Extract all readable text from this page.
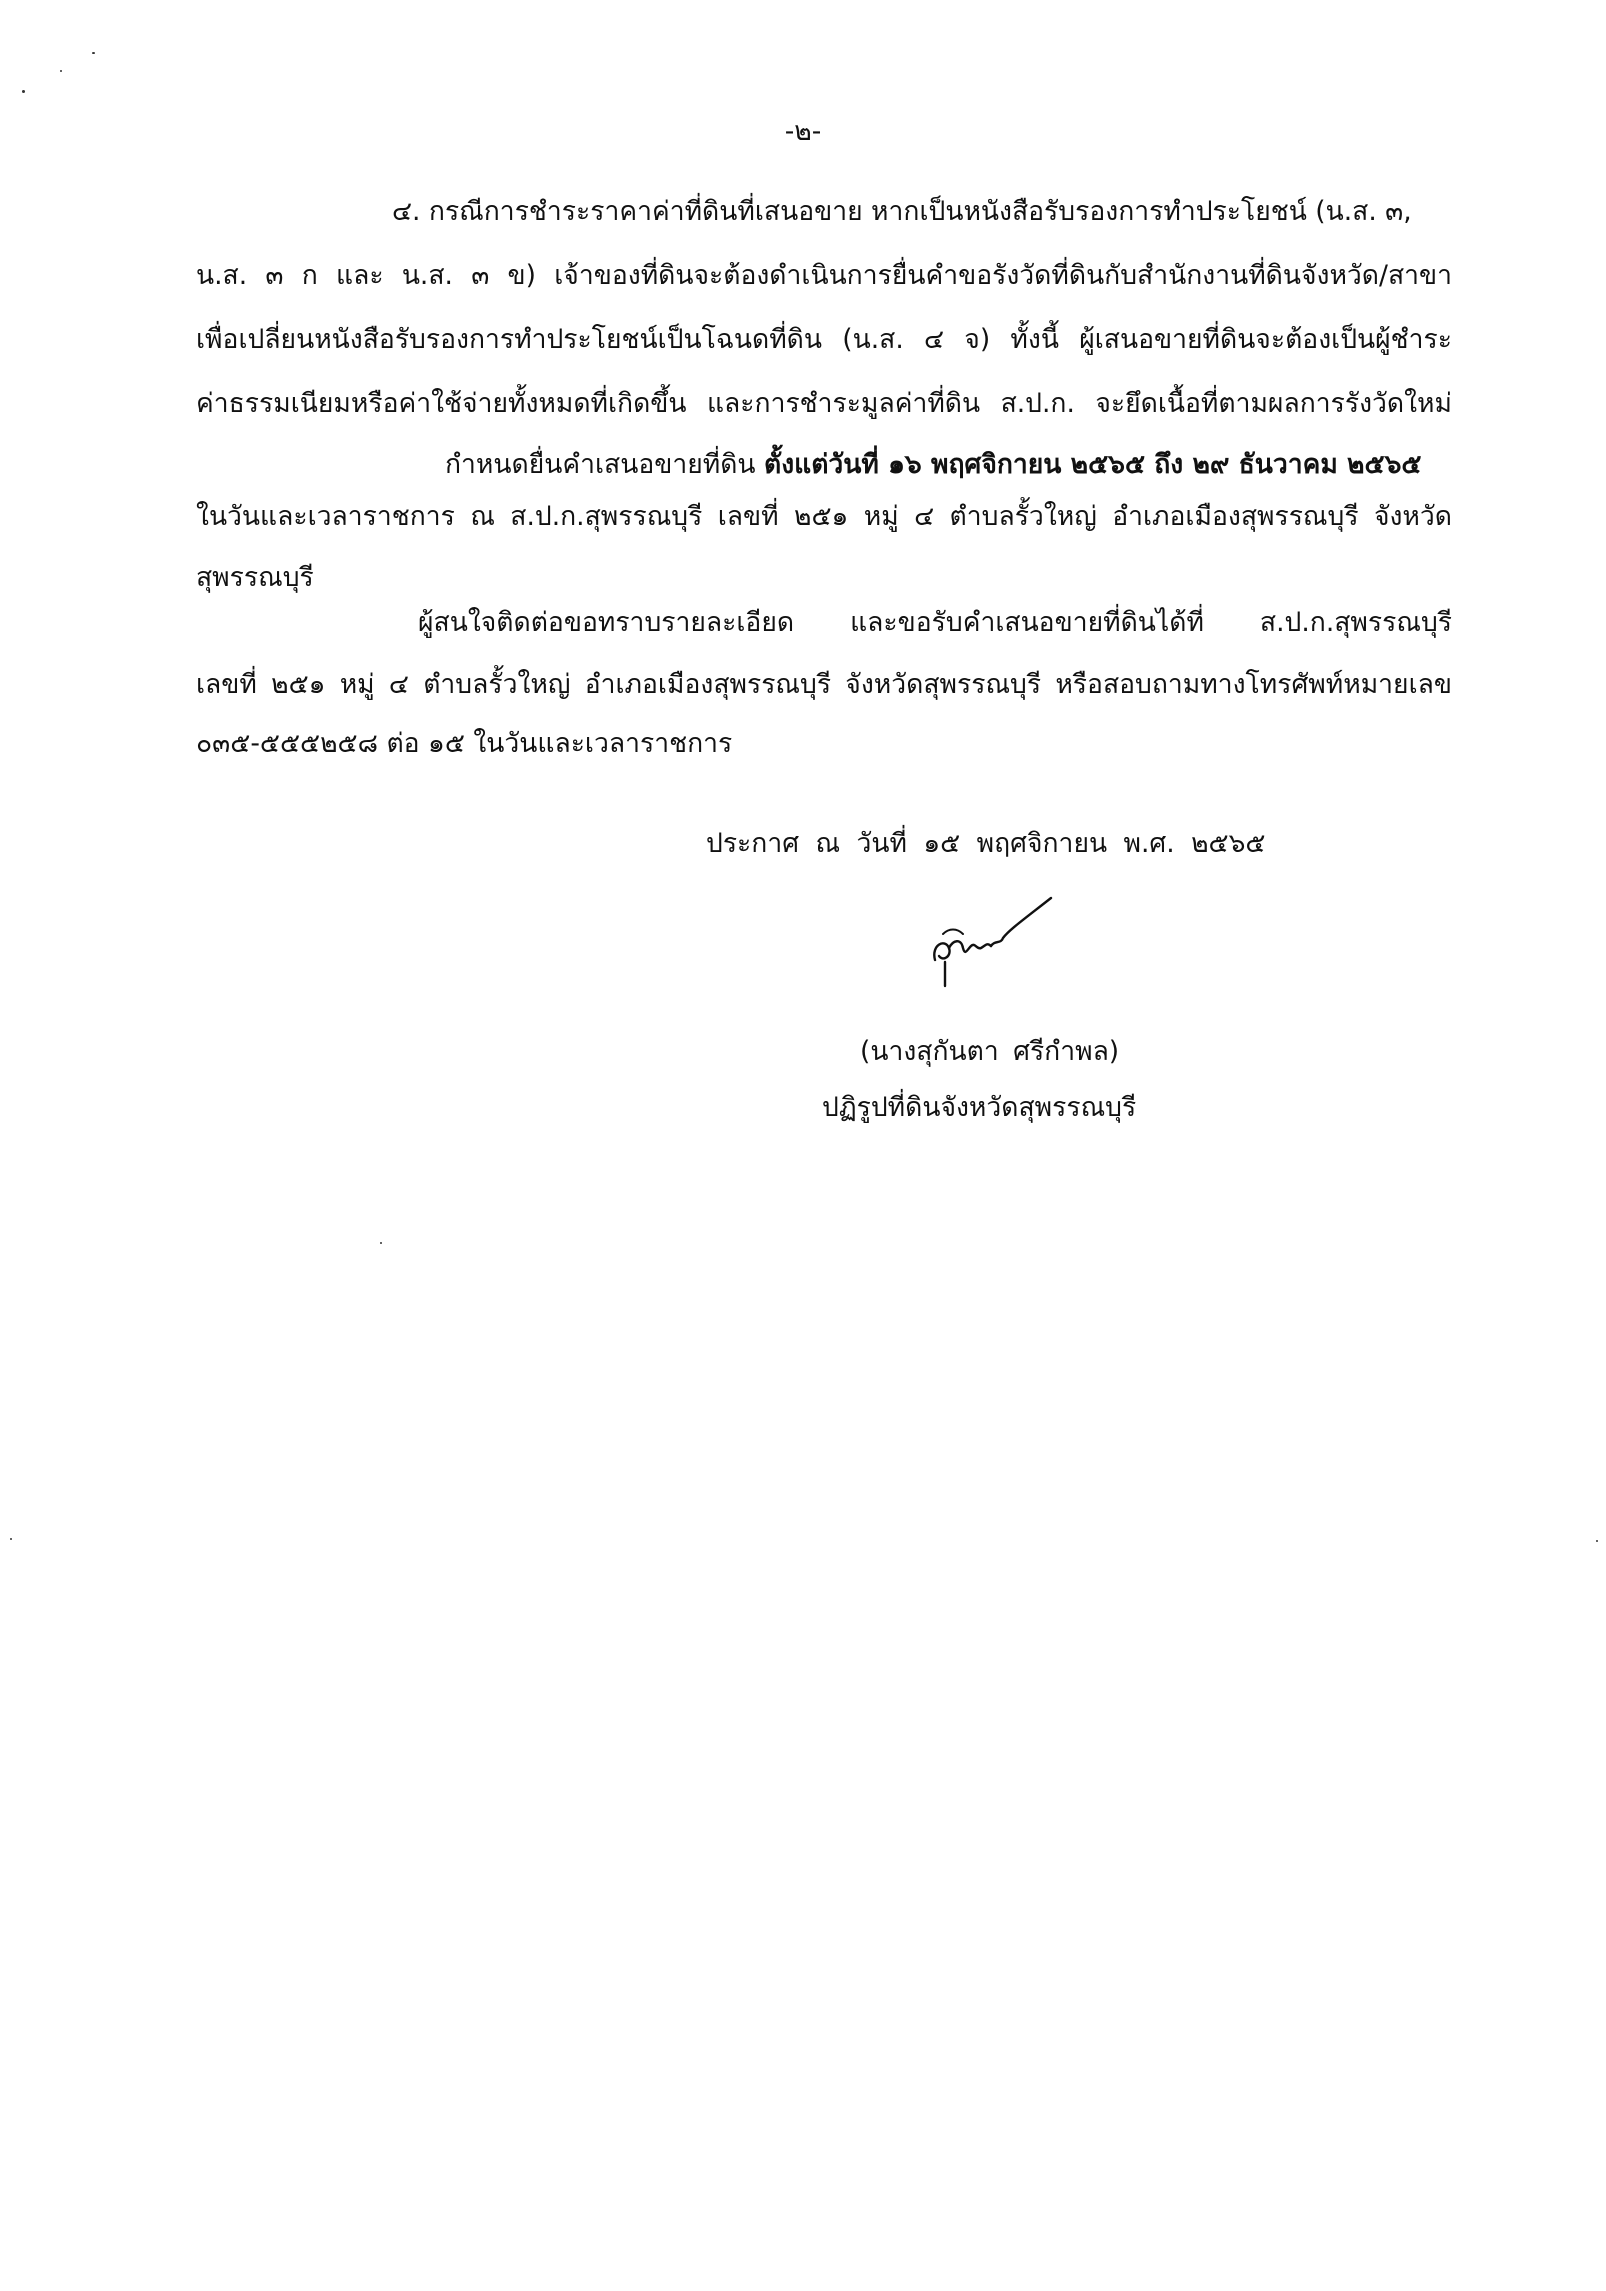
-๒-
๔. กรณีการชำระราคาค่าที่ดินที่เสนอขาย หากเป็นหนังสือรับรองการทำประโยชน์ (น.ส. ๓,
น.ส. ๓ ก และ น.ส. ๓ ข) เจ้าของที่ดินจะต้องดำเนินการยื่นคำขอรังวัดที่ดินกับสำนักงานที่ดินจังหวัด/สาขา
เพื่อเปลี่ยนหนังสือรับรองการทำประโยชน์เป็นโฉนดที่ดิน (น.ส. ๔ จ) ทั้งนี้ ผู้เสนอขายที่ดินจะต้องเป็นผู้ชำระ
ค่าธรรมเนียมหรือค่าใช้จ่ายทั้งหมดที่เกิดขึ้น และการชำระมูลค่าที่ดิน ส.ป.ก. จะยึดเนื้อที่ตามผลการรังวัดใหม่
กำหนดยื่นคำเสนอขายที่ดิน ตั้งแต่วันที่ ๑๖ พฤศจิกายน ๒๕๖๕ ถึง ๒๙ ธันวาคม ๒๕๖๕
ในวันและเวลาราชการ ณ ส.ป.ก.สุพรรณบุรี เลขที่ ๒๕๑ หมู่ ๔ ตำบลรั้วใหญ่ อำเภอเมืองสุพรรณบุรี จังหวัด
สุพรรณบุรี
ผู้สนใจติดต่อขอทราบรายละเอียด และขอรับคำเสนอขายที่ดินได้ที่ ส.ป.ก.สุพรรณบุรี
เลขที่ ๒๕๑ หมู่ ๔ ตำบลรั้วใหญ่ อำเภอเมืองสุพรรณบุรี จังหวัดสุพรรณบุรี หรือสอบถามทางโทรศัพท์หมายเลข
๐๓๕-๕๕๕๒๕๘ ต่อ ๑๕ ในวันและเวลาราชการ
ประกาศ ณ วันที่ ๑๕ พฤศจิกายน พ.ศ. ๒๕๖๕
(นางสุกันตา ศรีกำพล)
ปฏิรูปที่ดินจังหวัดสุพรรณบุรี
